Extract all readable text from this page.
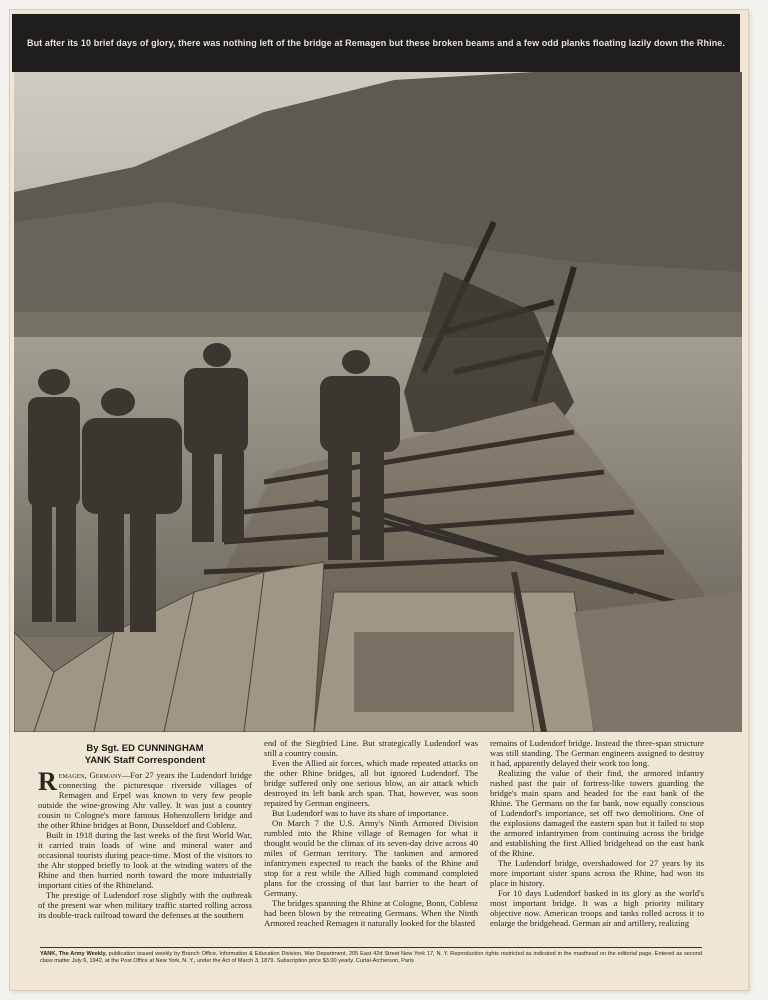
But after its 10 brief days of glory, there was nothing left of the bridge at Remagen but these broken beams and a few odd planks floating lazily down the Rhine.
By Sgt. ED CUNNINGHAM
YANK Staff Correspondent

Remagen, Germany—For 27 years the Ludendorf bridge connecting the picturesque riverside villages of Remagen and Erpel was known to very few people outside the wine-growing Ahr valley. It was just a country cousin to Cologne's more famous Hohenzollern bridge and the other Rhine bridges at Bonn, Dusseldorf and Coblenz.

Built in 1918 during the last weeks of the first World War, it carried train loads of wine and mineral water and occasional tourists during peace-time. Most of the visitors to the Ahr stopped briefly to look at the winding waters of the Rhine and then hurried north toward the more industrially important cities of the Rhineland.

The prestige of Ludendorf rose slightly with the outbreak of the present war when military traffic started rolling across its double-track railroad toward the defenses at the southern

end of the Siegfried Line. But strategically Ludendorf was still a country cousin.

Even the Allied air forces, which made repeated attacks on the other Rhine bridges, all but ignored Ludendorf. The bridge suffered only one serious blow, an air attack which destroyed its left bank arch span. That, however, was soon repaired by German engineers.

But Ludendorf was to have its share of importance.

On March 7 the U.S. Army's Ninth Armored Division rumbled into the Rhine village of Remagen for what it thought would be the climax of its seven-day drive across 40 miles of German territory. The tankmen and armored infantrymen expected to reach the banks of the Rhine and stop for a rest while the Allied high command completed plans for the crossing of that last barrier to the heart of Germany.

The bridges spanning the Rhine at Cologne, Bonn, Coblenz had been blown by the retreating Germans. When the Ninth Armored reached Remagen it naturally looked for the blasted

remains of Ludendorf bridge. Instead the three-span structure was still standing. The German engineers assigned to destroy it had, apparently delayed their work too long.

Realizing the value of their find, the armored infantry rushed past the pair of fortress-like towers guarding the bridge's main spans and headed for the east bank of the Rhine. The Germans on the far bank, now equally conscious of Ludendorf's importance, set off two demolitions. One of the explosions damaged the eastern span but it failed to stop the armored infantrymen from continuing across the bridge and establishing the first Allied bridgehead on the east bank of the Rhine.

The Ludendorf bridge, overshadowed for 27 years by its more important sister spans across the Rhine, had won its place in history.

For 10 days Ludendorf basked in its glory as the world's most important bridge. It was a high priority military objective now. American troops and tanks rolled across it to enlarge the bridgehead. German air and artillery, realizing

YANK, The Army Weekly, publication issued weekly by Branch Office, Information & Education Division, War Department, 205 East 42d Street New York 17, N. Y. Reproduction rights restricted as indicated in the masthead on the editorial page. Entered as second class matter July 6, 1942, at the Post Office at New York, N. Y., under the Act of March 3, 1879. Subscription price $3.00 yearly. Curtal-Archerson, Paris
